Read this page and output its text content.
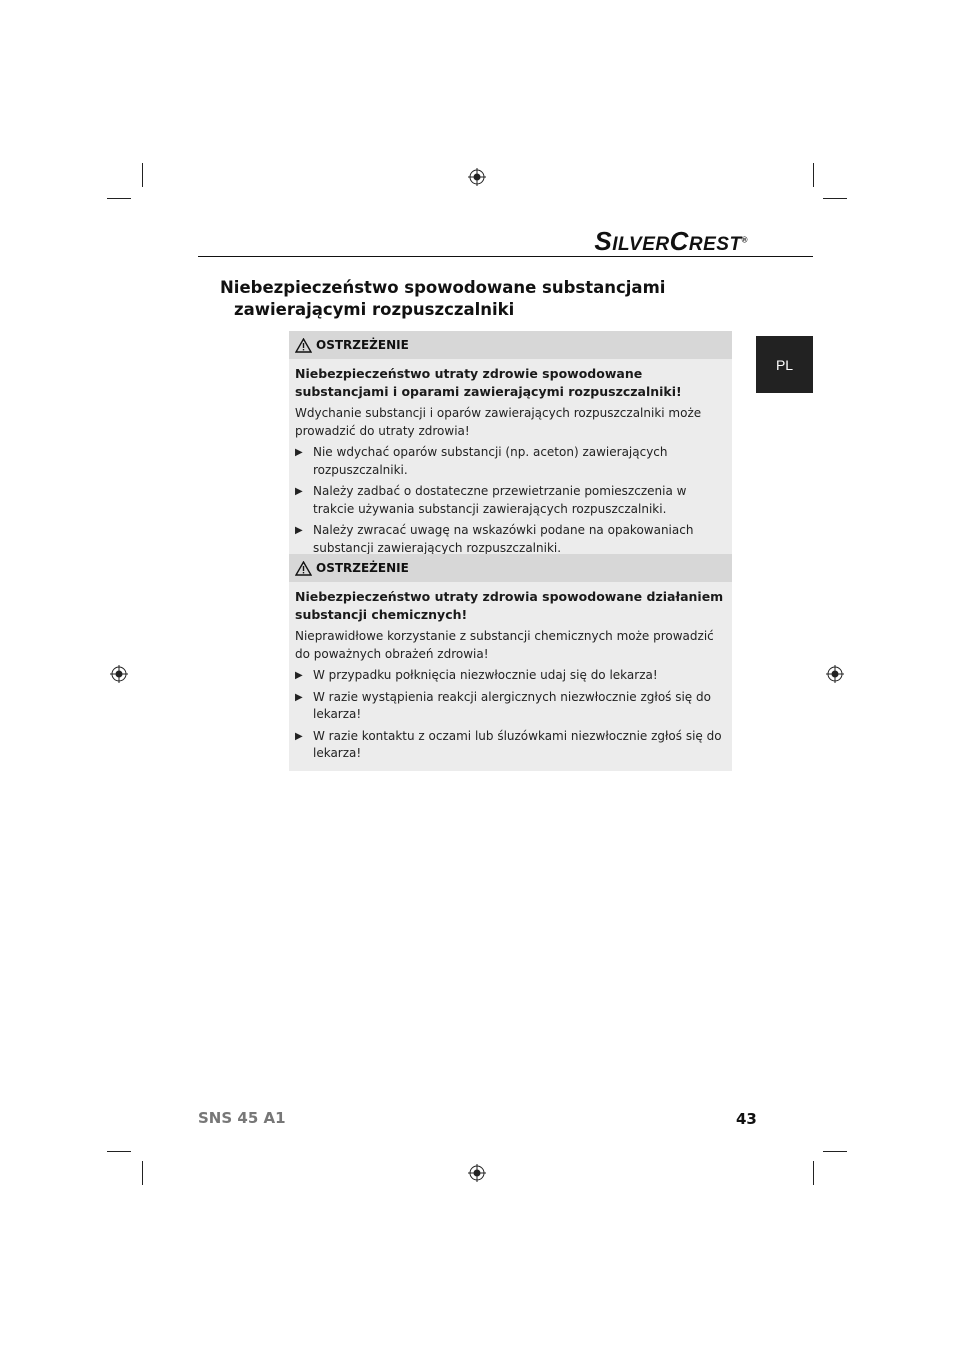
SILVERCREST®
PL
Niebezpieczeństwo spowodowane substancjami
zawierającymi rozpuszczalniki
OSTRZEŻENIE
Niebezpieczeństwo utraty zdrowie spowodowane substancjami i oparami zawierającymi rozpuszczalniki!
Wdychanie substancji i oparów zawierających rozpuszczalniki może prowadzić do utraty zdrowia!
▶ Nie wdychać oparów substancji (np. aceton) zawierających rozpuszczalniki.
▶ Należy zadbać o dostateczne przewietrzanie pomieszczenia w trakcie używania substancji zawierających rozpuszczalniki.
▶ Należy zwracać uwagę na wskazówki podane na opakowaniach substancji zawierających rozpuszczalniki.
OSTRZEŻENIE
Niebezpieczeństwo utraty zdrowia spowodowane działaniem substancji chemicznych!
Nieprawidłowe korzystanie z substancji chemicznych może prowadzić do poważnych obrażeń zdrowia!
▶ W przypadku połknięcia niezwłocznie udaj się do lekarza!
▶ W razie wystąpienia reakcji alergicznych niezwłocznie zgłoś się do lekarza!
▶ W razie kontaktu z oczami lub śluzówkami niezwłocznie zgłoś się do lekarza!
SNS 45 A1	43
